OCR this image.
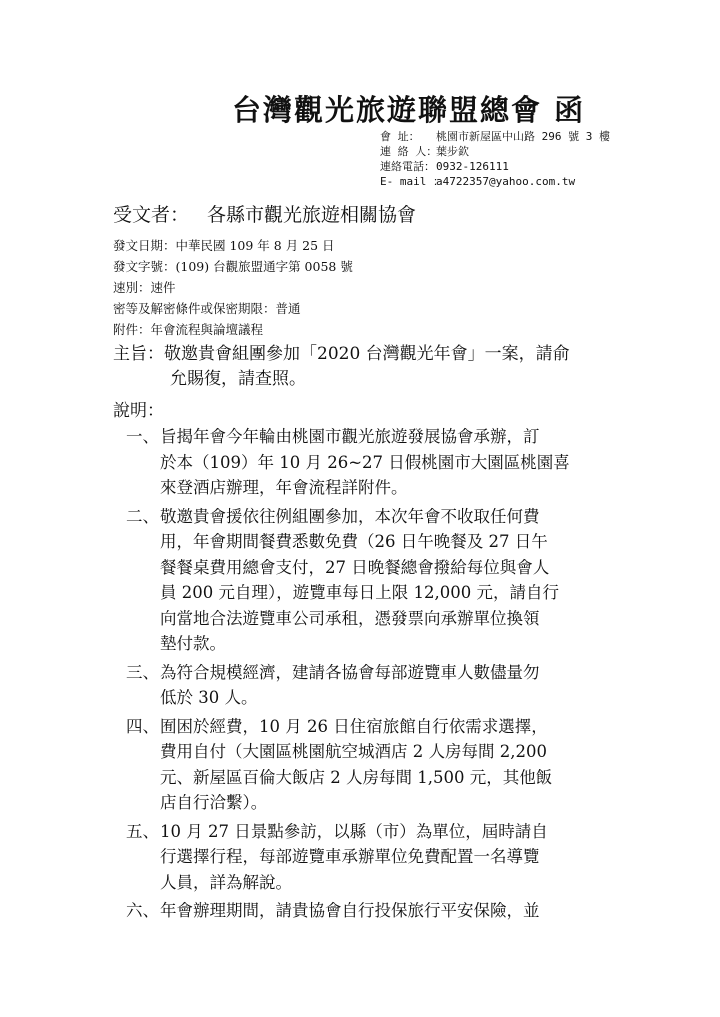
台灣觀光旅遊聯盟總會 函
會 址： 桃園市新屋區中山路 296 號 3 樓
連 絡 人：葉步欽
連絡電話：0932-126111
E- mail ：a4722357@yahoo.com.tw
受文者： 各縣市觀光旅遊相關協會
發文日期：中華民國 109 年 8 月 25 日
發文字號：(109) 台觀旅盟通字第 0058 號
速別：速件
密等及解密條件或保密期限：普通
附件：年會流程與論壇議程
主旨：敬邀貴會組團參加「2020 台灣觀光年會」一案，請俞
允賜復，請查照。
說明：
一、旨揭年會今年輪由桃園市觀光旅遊發展協會承辦，訂
於本（109）年 10 月 26~27 日假桃園市大園區桃園喜
來登酒店辦理，年會流程詳附件。
二、敬邀貴會援依往例組團參加，本次年會不收取任何費
用，年會期間餐費悉數免費（26 日午晚餐及 27 日午
餐餐桌費用總會支付，27 日晚餐總會撥給每位與會人
員 200 元自理），遊覽車每日上限 12,000 元，請自行
向當地合法遊覽車公司承租，憑發票向承辦單位換領
墊付款。
三、為符合規模經濟，建請各協會每部遊覽車人數儘量勿
低於 30 人。
四、囿困於經費，10 月 26 日住宿旅館自行依需求選擇，
費用自付（大園區桃園航空城酒店 2 人房每間 2,200
元、新屋區百倫大飯店 2 人房每間 1,500 元，其他飯
店自行洽繫）。
五、10 月 27 日景點參訪，以縣（市）為單位，屆時請自
行選擇行程，每部遊覽車承辦單位免費配置一名導覽
人員，詳為解說。
六、年會辦理期間，請貴協會自行投保旅行平安保險，並
